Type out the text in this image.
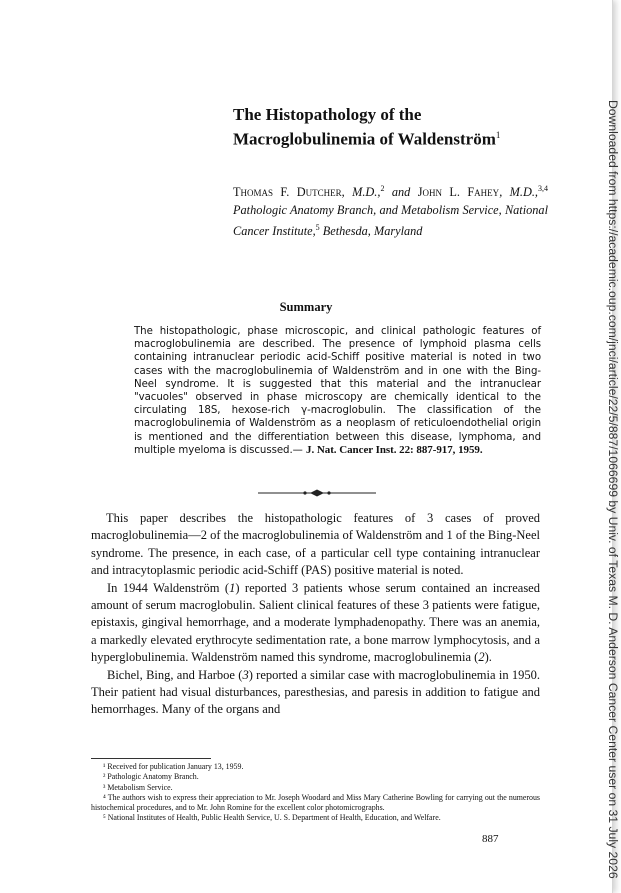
The Histopathology of the Macroglobulinemia of Waldenström$^1$

Thomas F. Dutcher, M.D.,$^2$ and John L. Fahey, M.D.,$^{3,4}$ Pathologic Anatomy Branch, and Metabolism Service, National Cancer Institute,$^5$ Bethesda, Maryland

Summary

The histopathologic, phase microscopic, and clinical pathologic features of macroglobulinemia are described. The presence of lymphoid plasma cells containing intranuclear periodic acid-Schiff positive material is noted in two cases with the macroglobulinemia of Waldenström and in one with the Bing-Neel syndrome. It is suggested that this material and the intranuclear "vacuoles" observed in phase microscopy are chemically identical to the circulating 18S, hexose-rich γ-macroglobulin. The classification of the macroglobulinemia of Waldenström as a neoplasm of reticuloendothelial origin is mentioned and the differentiation between this disease, lymphoma, and multiple myeloma is discussed.— J. Nat. Cancer Inst. 22: 887-917, 1959.

This paper describes the histopathologic features of 3 cases of proved macroglobulinemia—2 of the macroglobulinemia of Waldenström and 1 of the Bing-Neel syndrome. The presence, in each case, of a particular cell type containing intranuclear and intracytoplasmic periodic acid-Schiff (PAS) positive material is noted.

In 1944 Waldenström (1) reported 3 patients whose serum contained an increased amount of serum macroglobulin. Salient clinical features of these 3 patients were fatigue, epistaxis, gingival hemorrhage, and a moderate lymphadenopathy. There was an anemia, a markedly elevated erythrocyte sedimentation rate, a bone marrow lymphocytosis, and a hyperglobulinemia. Waldenström named this syndrome, macroglobulinemia (2).

Bichel, Bing, and Harboe (3) reported a similar case with macroglobulinemia in 1950. Their patient had visual disturbances, paresthesias, and paresis in addition to fatigue and hemorrhages. Many of the organs and

¹ Received for publication January 13, 1959.
² Pathologic Anatomy Branch.
³ Metabolism Service.
⁴ The authors wish to express their appreciation to Mr. Joseph Woodard and Miss Mary Catherine Bowling for carrying out the numerous histochemical procedures, and to Mr. John Romine for the excellent color photomicrographs.
⁵ National Institutes of Health, Public Health Service, U. S. Department of Health, Education, and Welfare.
887	Downloaded from https://academic.oup.com/jnci/article/22/5/887/1066699 by Univ. of Texas M. D. Anderson Cancer Center user on 31 July 2026
